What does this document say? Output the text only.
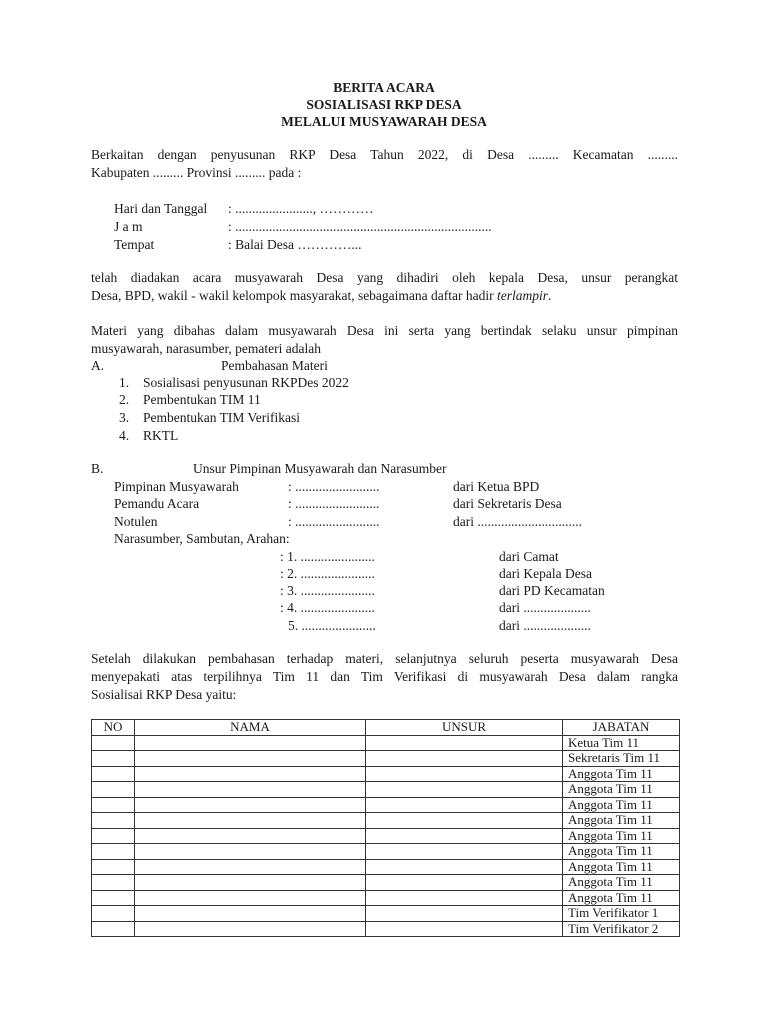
BERITA ACARA
SOSIALISASI RKP DESA
MELALUI MUSYAWARAH DESA
Berkaitan dengan penyusunan RKP Desa Tahun 2022, di Desa ......... Kecamatan .........
Kabupaten ......... Provinsi ......... pada :
Hari dan Tanggal : ......................., …………
J a m	: ............................................................................
Tempat	: Balai Desa …………...
telah diadakan acara musyawarah Desa yang dihadiri oleh kepala Desa, unsur perangkat
Desa, BPD, wakil - wakil kelompok masyarakat, sebagaimana daftar hadir terlampir.
Materi yang dibahas dalam musyawarah Desa ini serta yang bertindak selaku unsur pimpinan
musyawarah, narasumber, pemateri adalah
A.	Pembahasan Materi
1. Sosialisasi penyusunan RKPDes 2022
2. Pembentukan TIM 11
3. Pembentukan TIM Verifikasi
4. RKTL
B.	Unsur Pimpinan Musyawarah dan Narasumber
Pimpinan Musyawarah	: .........................	dari Ketua BPD
Pemandu Acara	: .........................	dari Sekretaris Desa
Notulen	: .........................	dari ...............................
Narasumber, Sambutan, Arahan:
: 1. ......................	dari Camat
: 2. ......................	dari Kepala Desa
: 3. ......................	dari PD Kecamatan
: 4. ......................	dari ....................
5. ......................	dari ....................
Setelah dilakukan pembahasan terhadap materi, selanjutnya seluruh peserta musyawarah Desa
menyepakati atas terpilihnya Tim 11 dan Tim Verifikasi di musyawarah Desa dalam rangka
Sosialisai RKP Desa yaitu:
NO	NAMA	UNSUR	JABATAN
			Ketua Tim 11
			Sekretaris Tim 11
			Anggota Tim 11
			Anggota Tim 11
			Anggota Tim 11
			Anggota Tim 11
			Anggota Tim 11
			Anggota Tim 11
			Anggota Tim 11
			Anggota Tim 11
			Anggota Tim 11
			Tim Verifikator 1
			Tim Verifikator 2
